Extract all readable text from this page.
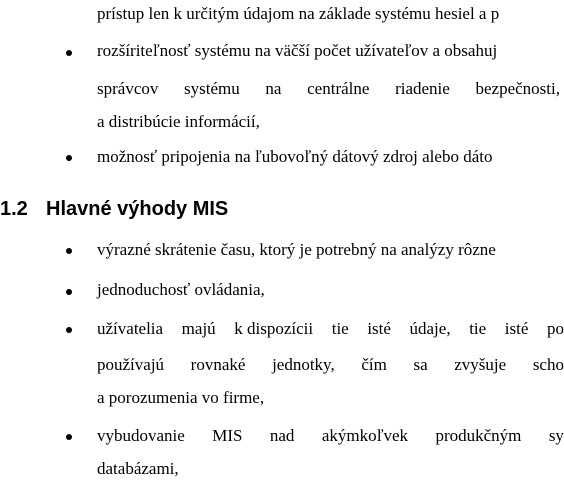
prístup len k určitým údajom na základe systému hesiel a p
rozšíriteľnosť systému na väčší počet užívateľov a obsahuj
správcov systému na centrálne riadenie bezpečnosti,
a distribúcie informácií,
možnosť pripojenia na ľubovoľný dátový zdroj alebo dáto
1.2 Hlavné výhody MIS
výrazné skrátenie času, ktorý je potrebný na analýzy rôzne
jednoduchosť ovládania,
užívatelia majú k dispozícii tie isté údaje, tie isté po
používajú rovnaké jednotky, čím sa zvyšuje scho
a porozumenia vo firme,
vybudovanie MIS nad akýmkoľvek produkčným sy
databázami,
